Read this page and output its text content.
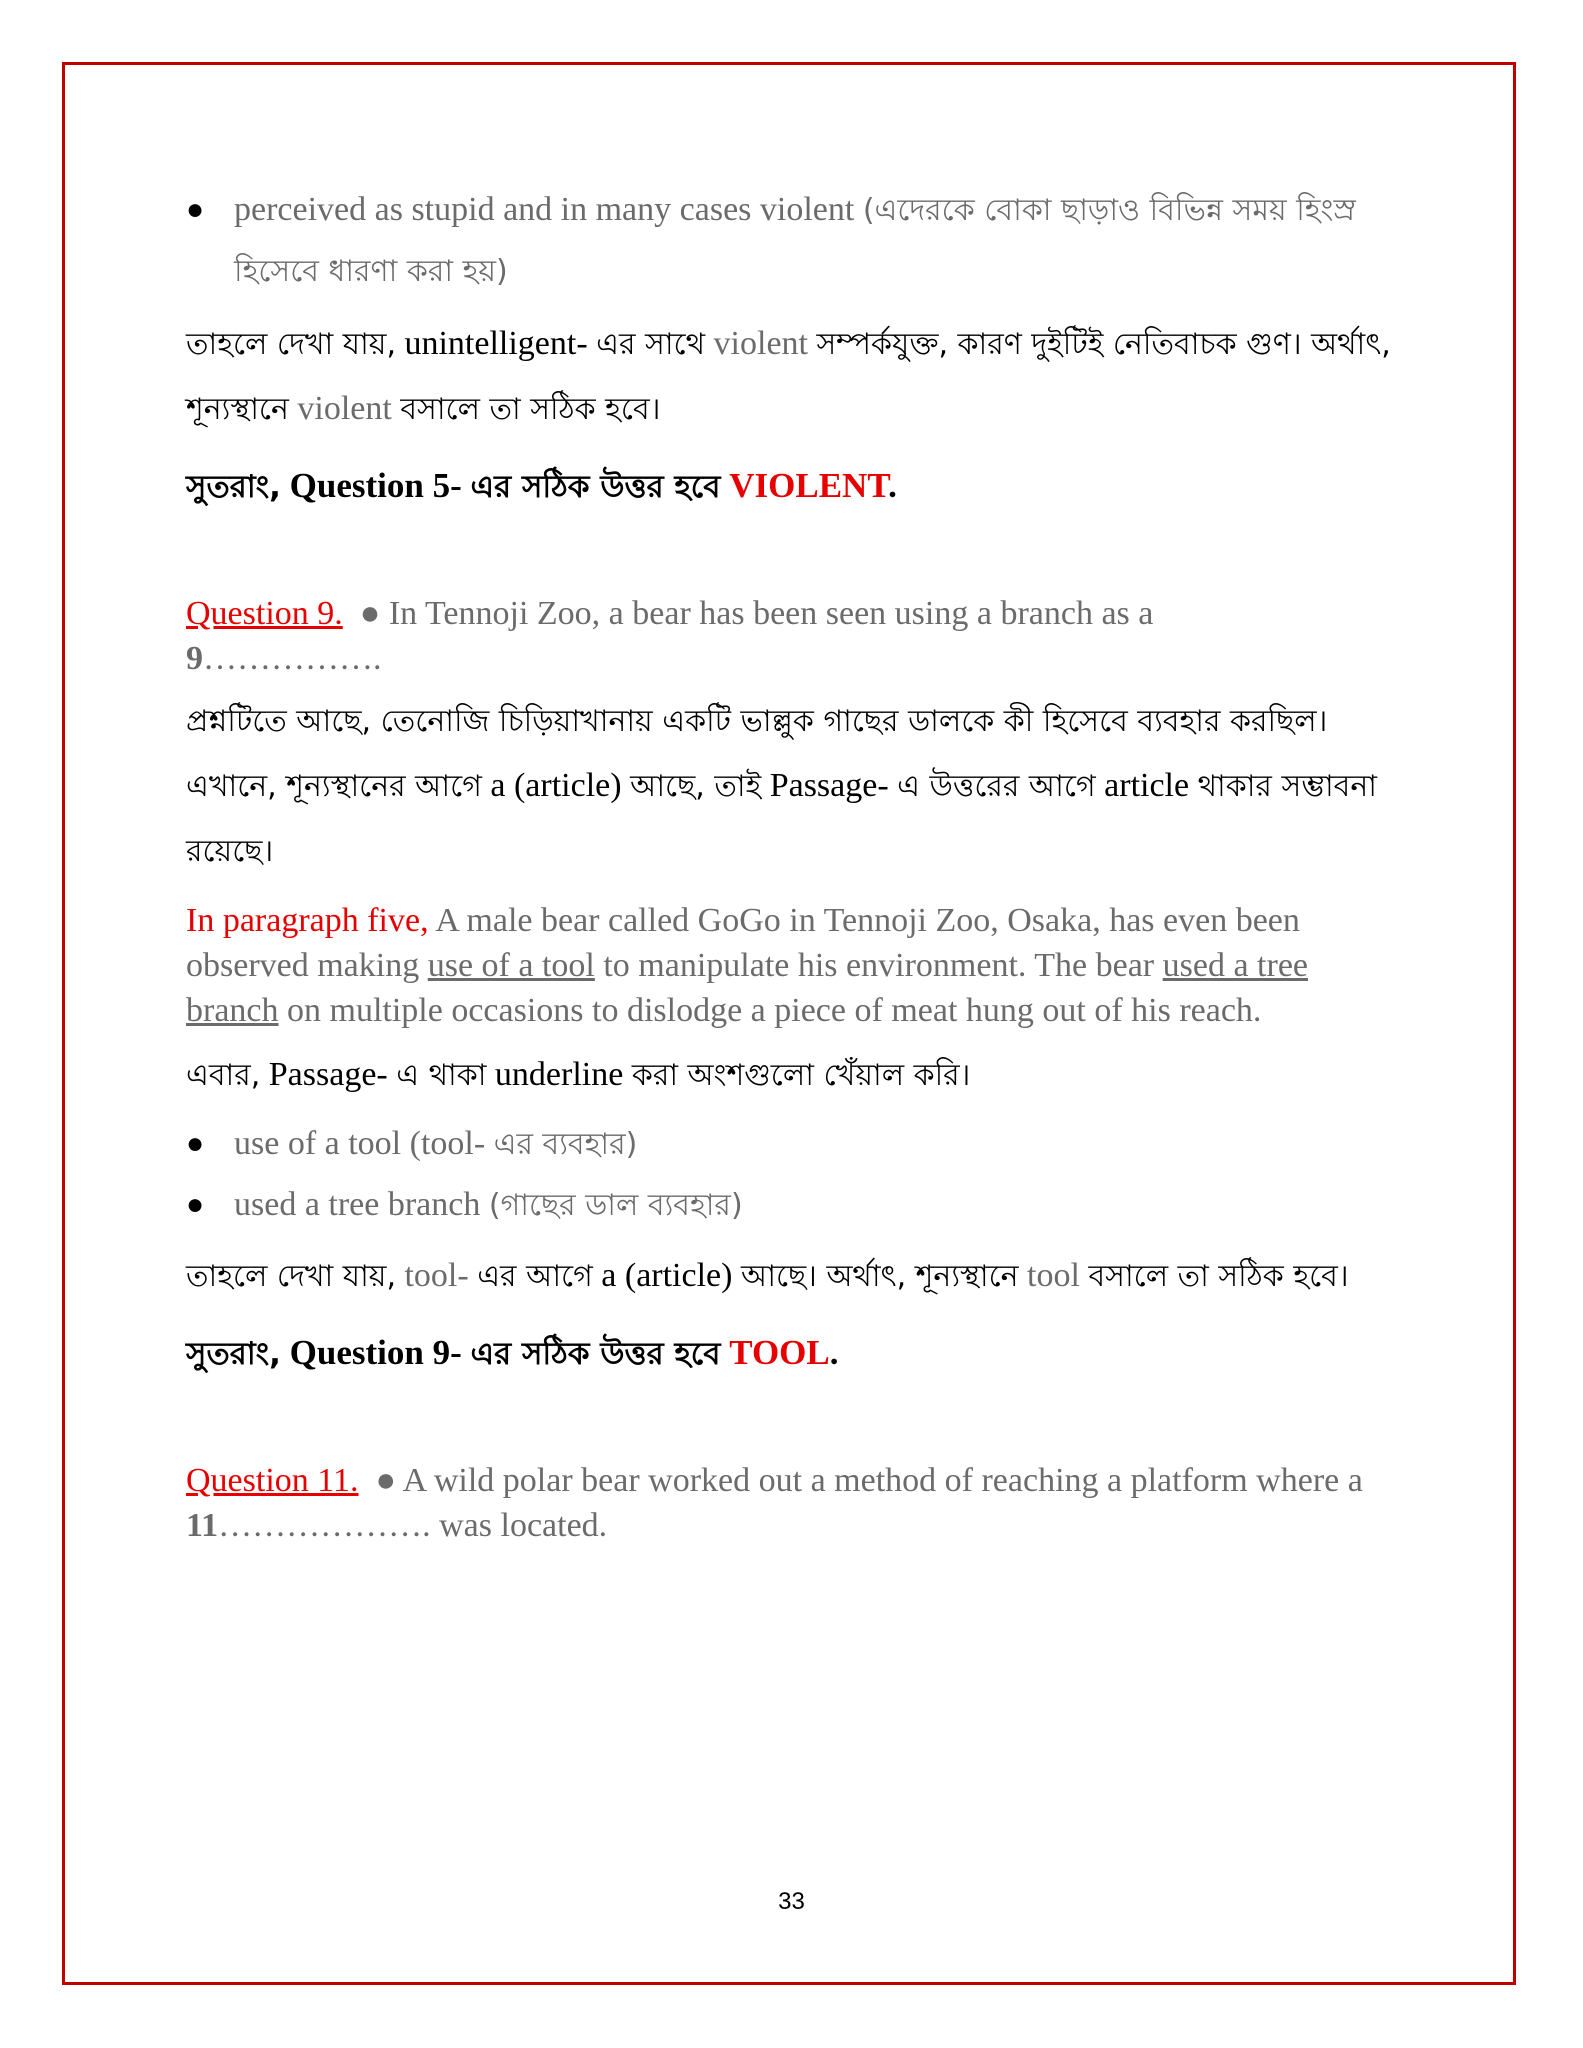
● perceived as stupid and in many cases violent (এদেরকে বোকা ছাড়াও বিভিন্ন সময় হিংস্র হিসেবে ধারণা করা হয়)
তাহলে দেখা যায়, unintelligent- এর সাথে violent সম্পর্কযুক্ত, কারণ দুইটিই নেতিবাচক গুণ। অর্থাৎ, শূন্যস্থানে violent বসালে তা সঠিক হবে।
সুতরাং, Question 5- এর সঠিক উত্তর হবে VIOLENT.
Question 9. ● In Tennoji Zoo, a bear has been seen using a branch as a
9…………….
প্রশ্নটিতে আছে, তেনোজি চিড়িয়াখানায় একটি ভাল্লুক গাছের ডালকে কী হিসেবে ব্যবহার করছিল। এখানে, শূন্যস্থানের আগে a (article) আছে, তাই Passage- এ উত্তরের আগে article থাকার সম্ভাবনা রয়েছে।
In paragraph five, A male bear called GoGo in Tennoji Zoo, Osaka, has even been observed making use of a tool to manipulate his environment. The bear used a tree branch on multiple occasions to dislodge a piece of meat hung out of his reach.
এবার, Passage- এ থাকা underline করা অংশগুলো খেঁয়াল করি।
● use of a tool (tool- এর ব্যবহার)
● used a tree branch (গাছের ডাল ব্যবহার)
তাহলে দেখা যায়, tool- এর আগে a (article) আছে। অর্থাৎ, শূন্যস্থানে tool বসালে তা সঠিক হবে।
সুতরাং, Question 9- এর সঠিক উত্তর হবে TOOL.
Question 11. ● A wild polar bear worked out a method of reaching a platform where a 11………………. was located.
33
